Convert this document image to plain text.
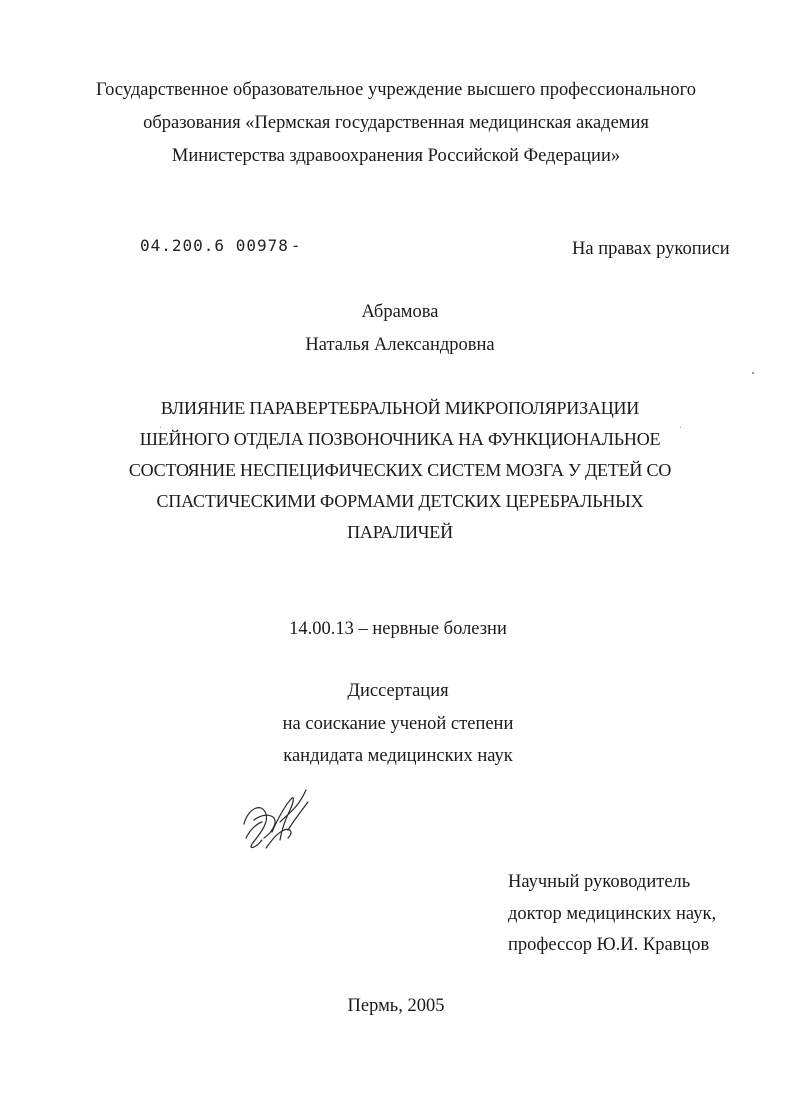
Государственное образовательное учреждение высшего профессионального
образования «Пермская государственная медицинская академия
Министерства здравоохранения Российской Федерации»
04.200.6 00978 -	На правах рукописи
Абрамова
Наталья Александровна
ВЛИЯНИЕ ПАРАВЕРТЕБРАЛЬНОЙ МИКРОПОЛЯРИЗАЦИИ
ШЕЙНОГО ОТДЕЛА ПОЗВОНОЧНИКА НА ФУНКЦИОНАЛЬНОЕ
СОСТОЯНИЕ НЕСПЕЦИФИЧЕСКИХ СИСТЕМ МОЗГА У ДЕТЕЙ СО
СПАСТИЧЕСКИМИ ФОРМАМИ ДЕТСКИХ ЦЕРЕБРАЛЬНЫХ
ПАРАЛИЧЕЙ
14.00.13 – нервные болезни
Диссертация
на соискание ученой степени
кандидата медицинских наук
Научный руководитель
доктор медицинских наук,
профессор Ю.И. Кравцов
Пермь, 2005
